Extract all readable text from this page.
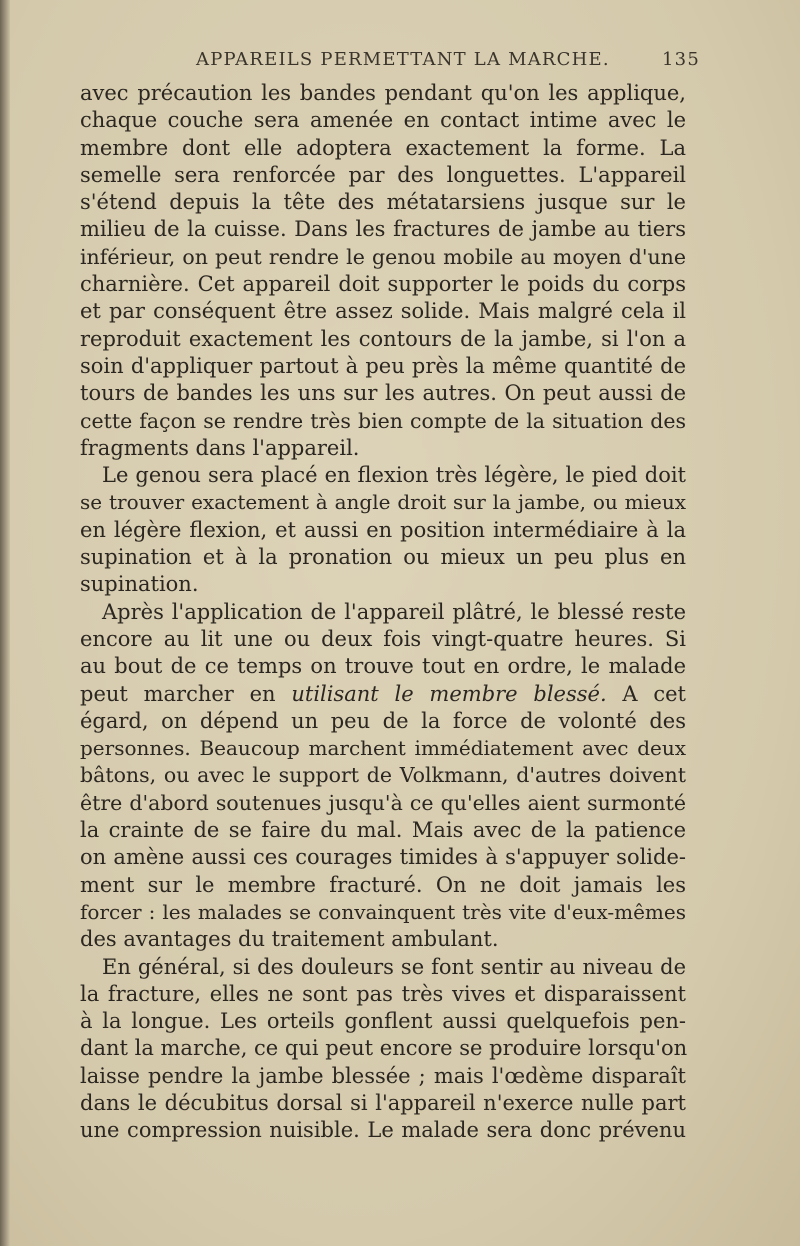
APPAREILS PERMETTANT LA MARCHE.	135
avec précaution les bandes pendant qu'on les applique,
chaque couche sera amenée en contact intime avec le
membre dont elle adoptera exactement la forme. La
semelle sera renforcée par des longuettes. L'appareil
s'étend depuis la tête des métatarsiens jusque sur le
milieu de la cuisse. Dans les fractures de jambe au tiers
inférieur, on peut rendre le genou mobile au moyen d'une
charnière. Cet appareil doit supporter le poids du corps
et par conséquent être assez solide. Mais malgré cela il
reproduit exactement les contours de la jambe, si l'on a
soin d'appliquer partout à peu près la même quantité de
tours de bandes les uns sur les autres. On peut aussi de
cette façon se rendre très bien compte de la situation des
fragments dans l'appareil.
Le genou sera placé en flexion très légère, le pied doit
se trouver exactement à angle droit sur la jambe, ou mieux
en légère flexion, et aussi en position intermédiaire à la
supination et à la pronation ou mieux un peu plus en
supination.
Après l'application de l'appareil plâtré, le blessé reste
encore au lit une ou deux fois vingt-quatre heures. Si
au bout de ce temps on trouve tout en ordre, le malade
peut marcher en utilisant le membre blessé. A cet
égard, on dépend un peu de la force de volonté des
personnes. Beaucoup marchent immédiatement avec deux
bâtons, ou avec le support de Volkmann, d'autres doivent
être d'abord soutenues jusqu'à ce qu'elles aient surmonté
la crainte de se faire du mal. Mais avec de la patience
on amène aussi ces courages timides à s'appuyer solide-
ment sur le membre fracturé. On ne doit jamais les
forcer : les malades se convainquent très vite d'eux-mêmes
des avantages du traitement ambulant.
En général, si des douleurs se font sentir au niveau de
la fracture, elles ne sont pas très vives et disparaissent
à la longue. Les orteils gonflent aussi quelquefois pen-
dant la marche, ce qui peut encore se produire lorsqu'on
laisse pendre la jambe blessée ; mais l'œdème disparaît
dans le décubitus dorsal si l'appareil n'exerce nulle part
une compression nuisible. Le malade sera donc prévenu
